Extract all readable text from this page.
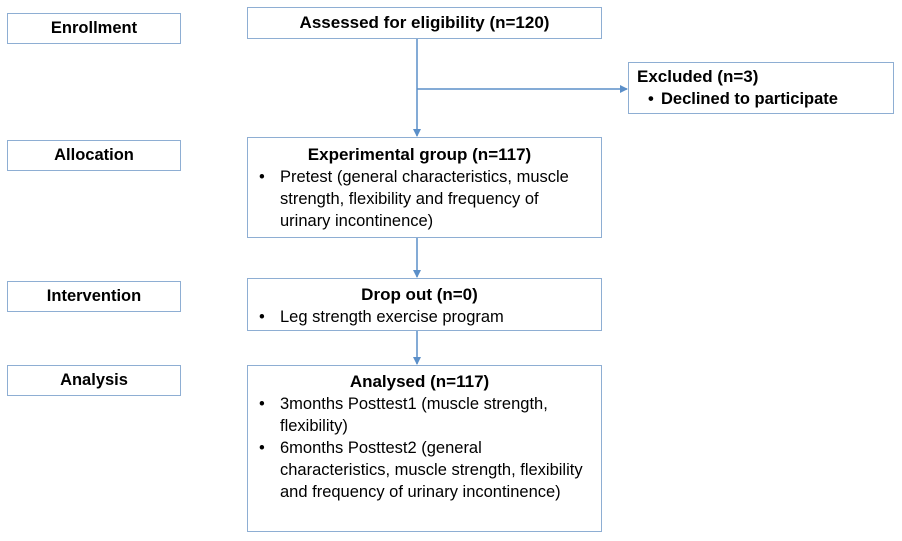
Enrollment
Allocation
Intervention
Analysis
Assessed for eligibility (n=120)
Excluded (n=3)
• Declined to participate
Experimental group (n=117)
• Pretest (general characteristics, muscle strength, flexibility and frequency of urinary incontinence)
Drop out (n=0)
• Leg strength exercise program
Analysed (n=117)
• 3months Posttest1 (muscle strength, flexibility)
• 6months Posttest2 (general characteristics, muscle strength, flexibility and frequency of urinary incontinence)
